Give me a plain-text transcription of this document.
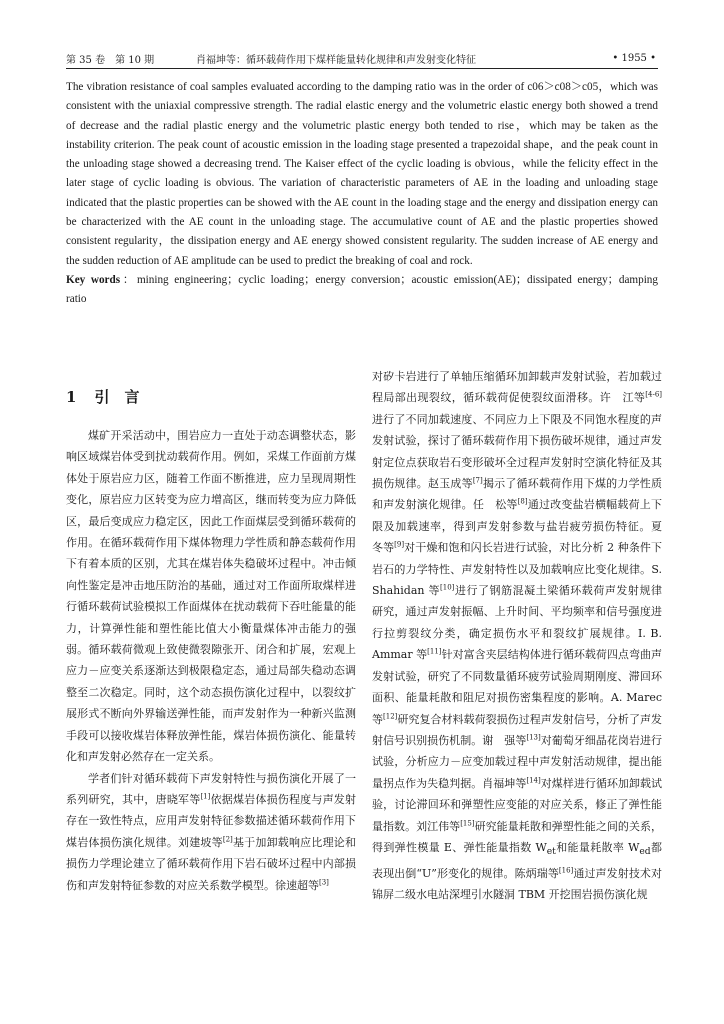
第 35 卷　第 10 期	肖福坤等：循环载荷作用下煤样能量转化规律和声发射变化特征	• 1955 •

The vibration resistance of coal samples evaluated according to the damping ratio was in the order of c06＞c08＞c05，which was consistent with the uniaxial compressive strength. The radial elastic energy and the volumetric elastic energy both showed a trend of decrease and the radial plastic energy and the volumetric plastic energy both tended to rise，which may be taken as the instability criterion. The peak count of acoustic emission in the loading stage presented a trapezoidal shape，and the peak count in the unloading stage showed a decreasing trend. The Kaiser effect of the cyclic loading is obvious，while the felicity effect in the later stage of cyclic loading is obvious. The variation of characteristic parameters of AE in the loading and unloading stage indicated that the plastic properties can be showed with the AE count in the loading stage and the energy and dissipation energy can be characterized with the AE count in the unloading stage. The accumulative count of AE and the plastic properties showed consistent regularity，the dissipation energy and AE energy showed consistent regularity. The sudden increase of AE energy and the sudden reduction of AE amplitude can be used to predict the breaking of coal and rock.

Key words：mining engineering；cyclic loading；energy conversion；acoustic emission(AE)；dissipated energy；damping ratio

1 引　言

煤矿开采活动中，围岩应力一直处于动态调整状态，影响区域煤岩体受到扰动载荷作用。例如，采煤工作面前方煤体处于原岩应力区，随着工作面不断推进，应力呈现周期性变化，原岩应力区转变为应力增高区，继而转变为应力降低区，最后变成应力稳定区，因此工作面煤层受到循环载荷的作用。在循环载荷作用下煤体物理力学性质和静态载荷作用下有着本质的区别，尤其在煤岩体失稳破坏过程中。冲击倾向性鉴定是冲击地压防治的基础，通过对工作面所取煤样进行循环载荷试验模拟工作面煤体在扰动载荷下吞吐能量的能力，计算弹性能和塑性能比值大小衡量煤体冲击能力的强弱。循环载荷微观上致使微裂隙张开、闭合和扩展，宏观上应力－应变关系逐渐达到极限稳定态，通过局部失稳动态调整至二次稳定。同时，这个动态损伤演化过程中，以裂纹扩展形式不断向外界输送弹性能，而声发射作为一种新兴监测手段可以接收煤岩体释放弹性能，煤岩体损伤演化、能量转化和声发射必然存在一定关系。

学者们针对循环载荷下声发射特性与损伤演化开展了一系列研究，其中，唐晓军等[1]依据煤岩体损伤程度与声发射存在一致性特点，应用声发射特征参数描述循环载荷作用下煤岩体损伤演化规律。刘建坡等[2]基于加卸载响应比理论和损伤力学理论建立了循环载荷作用下岩石破坏过程中内部损伤和声发射特征参数的对应关系数学模型。徐速超等[3]

对矽卡岩进行了单轴压缩循环加卸载声发射试验，若加载过程局部出现裂纹，循环载荷促使裂纹面滑移。许　江等[4-6]进行了不同加载速度、不同应力上下限及不同饱水程度的声发射试验，探讨了循环载荷作用下损伤破坏规律，通过声发射定位点获取岩石变形破坏全过程声发射时空演化特征及其损伤规律。赵玉成等[7]揭示了循环载荷作用下煤的力学性质和声发射演化规律。任　松等[8]通过改变盐岩横幅载荷上下限及加载速率，得到声发射参数与盐岩疲劳损伤特征。夏　冬等[9]对干燥和饱和闪长岩进行试验，对比分析 2 种条件下岩石的力学特性、声发射特性以及加载响应比变化规律。S. Shahidan 等[10]进行了钢筋混凝土梁循环载荷声发射规律研究，通过声发射振幅、上升时间、平均频率和信号强度进行拉剪裂纹分类，确定损伤水平和裂纹扩展规律。I. B. Ammar 等[11]针对富含夹层结构体进行循环载荷四点弯曲声发射试验，研究了不同数量循环疲劳试验周期刚度、滞回环面积、能量耗散和阻尼对损伤密集程度的影响。A. Marec 等[12]研究复合材料载荷裂损伤过程声发射信号，分析了声发射信号识别损伤机制。谢　强等[13]对葡萄牙细晶花岗岩进行试验，分析应力－应变加载过程中声发射活动规律，提出能量拐点作为失稳判据。肖福坤等[14]对煤样进行循环加卸载试验，讨论滞回环和弹塑性应变能的对应关系，修正了弹性能量指数。刘江伟等[15]研究能量耗散和弹塑性能之间的关系，得到弹性模量 E、弹性能量指数 $W_{et}$和能量耗散率 $W_{ed}$都表现出倒“U”形变化的规律。陈炳瑞等[16]通过声发射技术对锦屏二级水电站深埋引水隧洞 TBM 开挖围岩损伤演化规
